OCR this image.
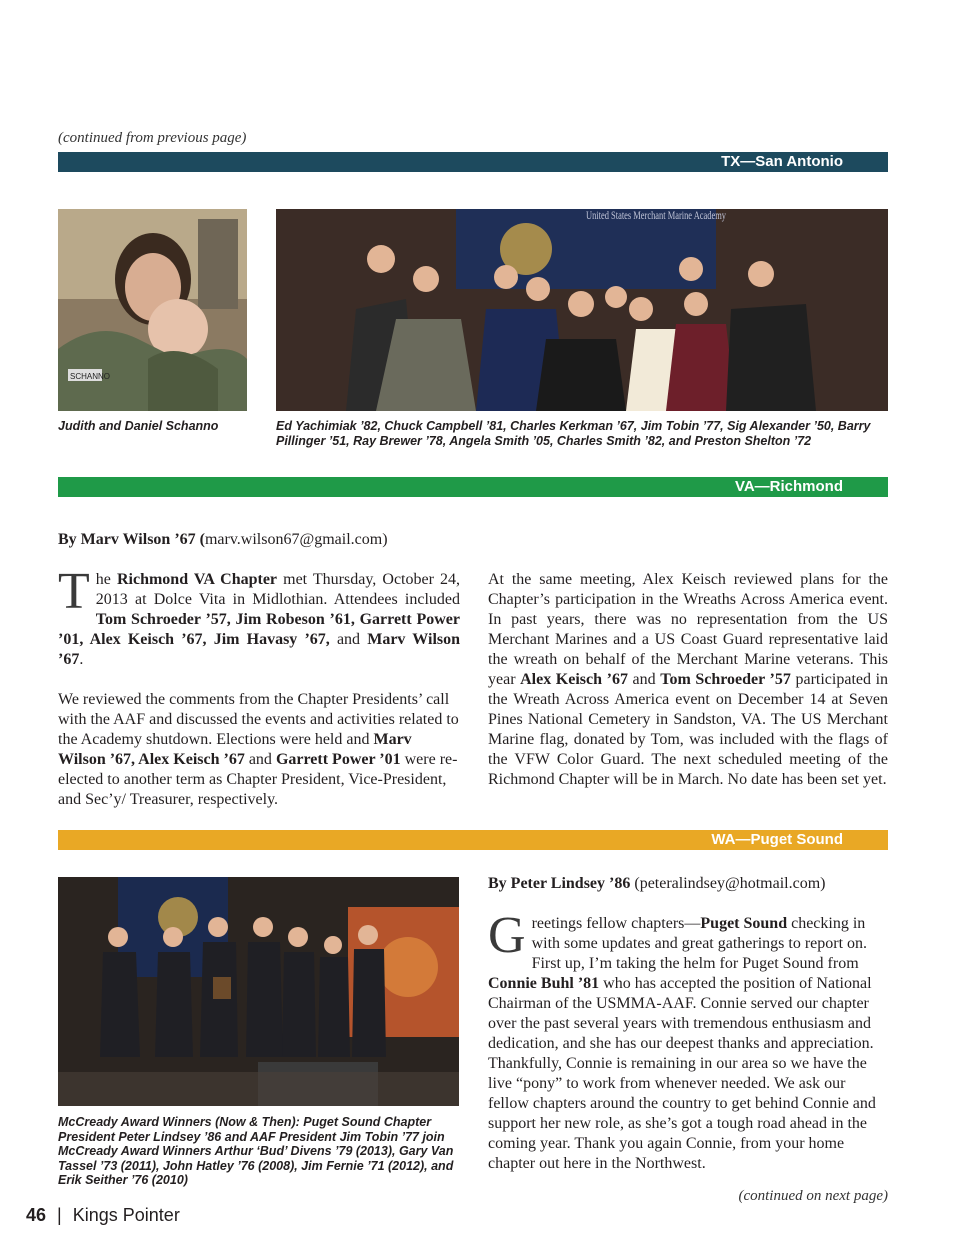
(continued from previous page)
TX—San Antonio
SCHANNO
United States Merchant Marine Academy
Judith and Daniel Schanno	Ed Yachimiak ’82, Chuck Campbell ’81, Charles Kerkman ’67, Jim Tobin ’77, Sig Alexander ’50, Barry Pillinger ’51, Ray Brewer ’78, Angela Smith ’05, Charles Smith ’82, and Preston Shelton ’72
VA—Richmond
By Marv Wilson ’67 (marv.wilson67@gmail.com)

The Richmond VA Chapter met Thursday, October 24, 2013 at Dolce Vita in Midlothian. Attendees included Tom Schroeder ’57, Jim Robeson ’61, Garrett Power ’01, Alex Keisch ’67, Jim Havasy ’67, and Marv Wilson ’67.

We reviewed the comments from the Chapter Presidents’ call with the AAF and discussed the events and activities related to the Academy shutdown. Elections were held and Marv Wilson ’67, Alex Keisch ’67 and Garrett Power ’01 were re-elected to another term as Chapter President, Vice-President, and Sec’y/ Treasurer, respectively.

At the same meeting, Alex Keisch reviewed plans for the Chapter’s participation in the Wreaths Across America event. In past years, there was no representation from the US Merchant Marines and a US Coast Guard representative laid the wreath on behalf of the Merchant Marine veterans. This year Alex Keisch ’67 and Tom Schroeder ’57 participated in the Wreath Across America event on December 14 at Seven Pines National Cemetery in Sandston, VA. The US Merchant Marine flag, donated by Tom, was included with the flags of the VFW Color Guard. The next scheduled meeting of the Richmond Chapter will be in March. No date has been set yet.

WA—Puget Sound
McCready Award Winners (Now & Then): Puget Sound Chapter President Peter Lindsey ’86 and AAF President Jim Tobin ’77 join McCready Award Winners Arthur ‘Bud’ Divens ’79 (2013), Gary Van Tassel ’73 (2011), John Hatley ’76 (2008), Jim Fernie ’71 (2012), and Erik Seither ’76 (2010)
By Peter Lindsey ’86 (peteralindsey@hotmail.com)

Greetings fellow chapters—Puget Sound checking in with some updates and great gatherings to report on. First up, I’m taking the helm for Puget Sound from Connie Buhl ’81 who has accepted the position of National Chairman of the USMMA-AAF. Connie served our chapter over the past several years with tremendous enthusiasm and dedication, and she has our deepest thanks and appreciation. Thankfully, Connie is remaining in our area so we have the live “pony” to work from whenever needed. We ask our fellow chapters around the country to get behind Connie and support her new role, as she’s got a tough road ahead in the coming year. Thank you again Connie, from your home chapter out here in the Northwest.

(continued on next page)
46 | Kings Pointer
